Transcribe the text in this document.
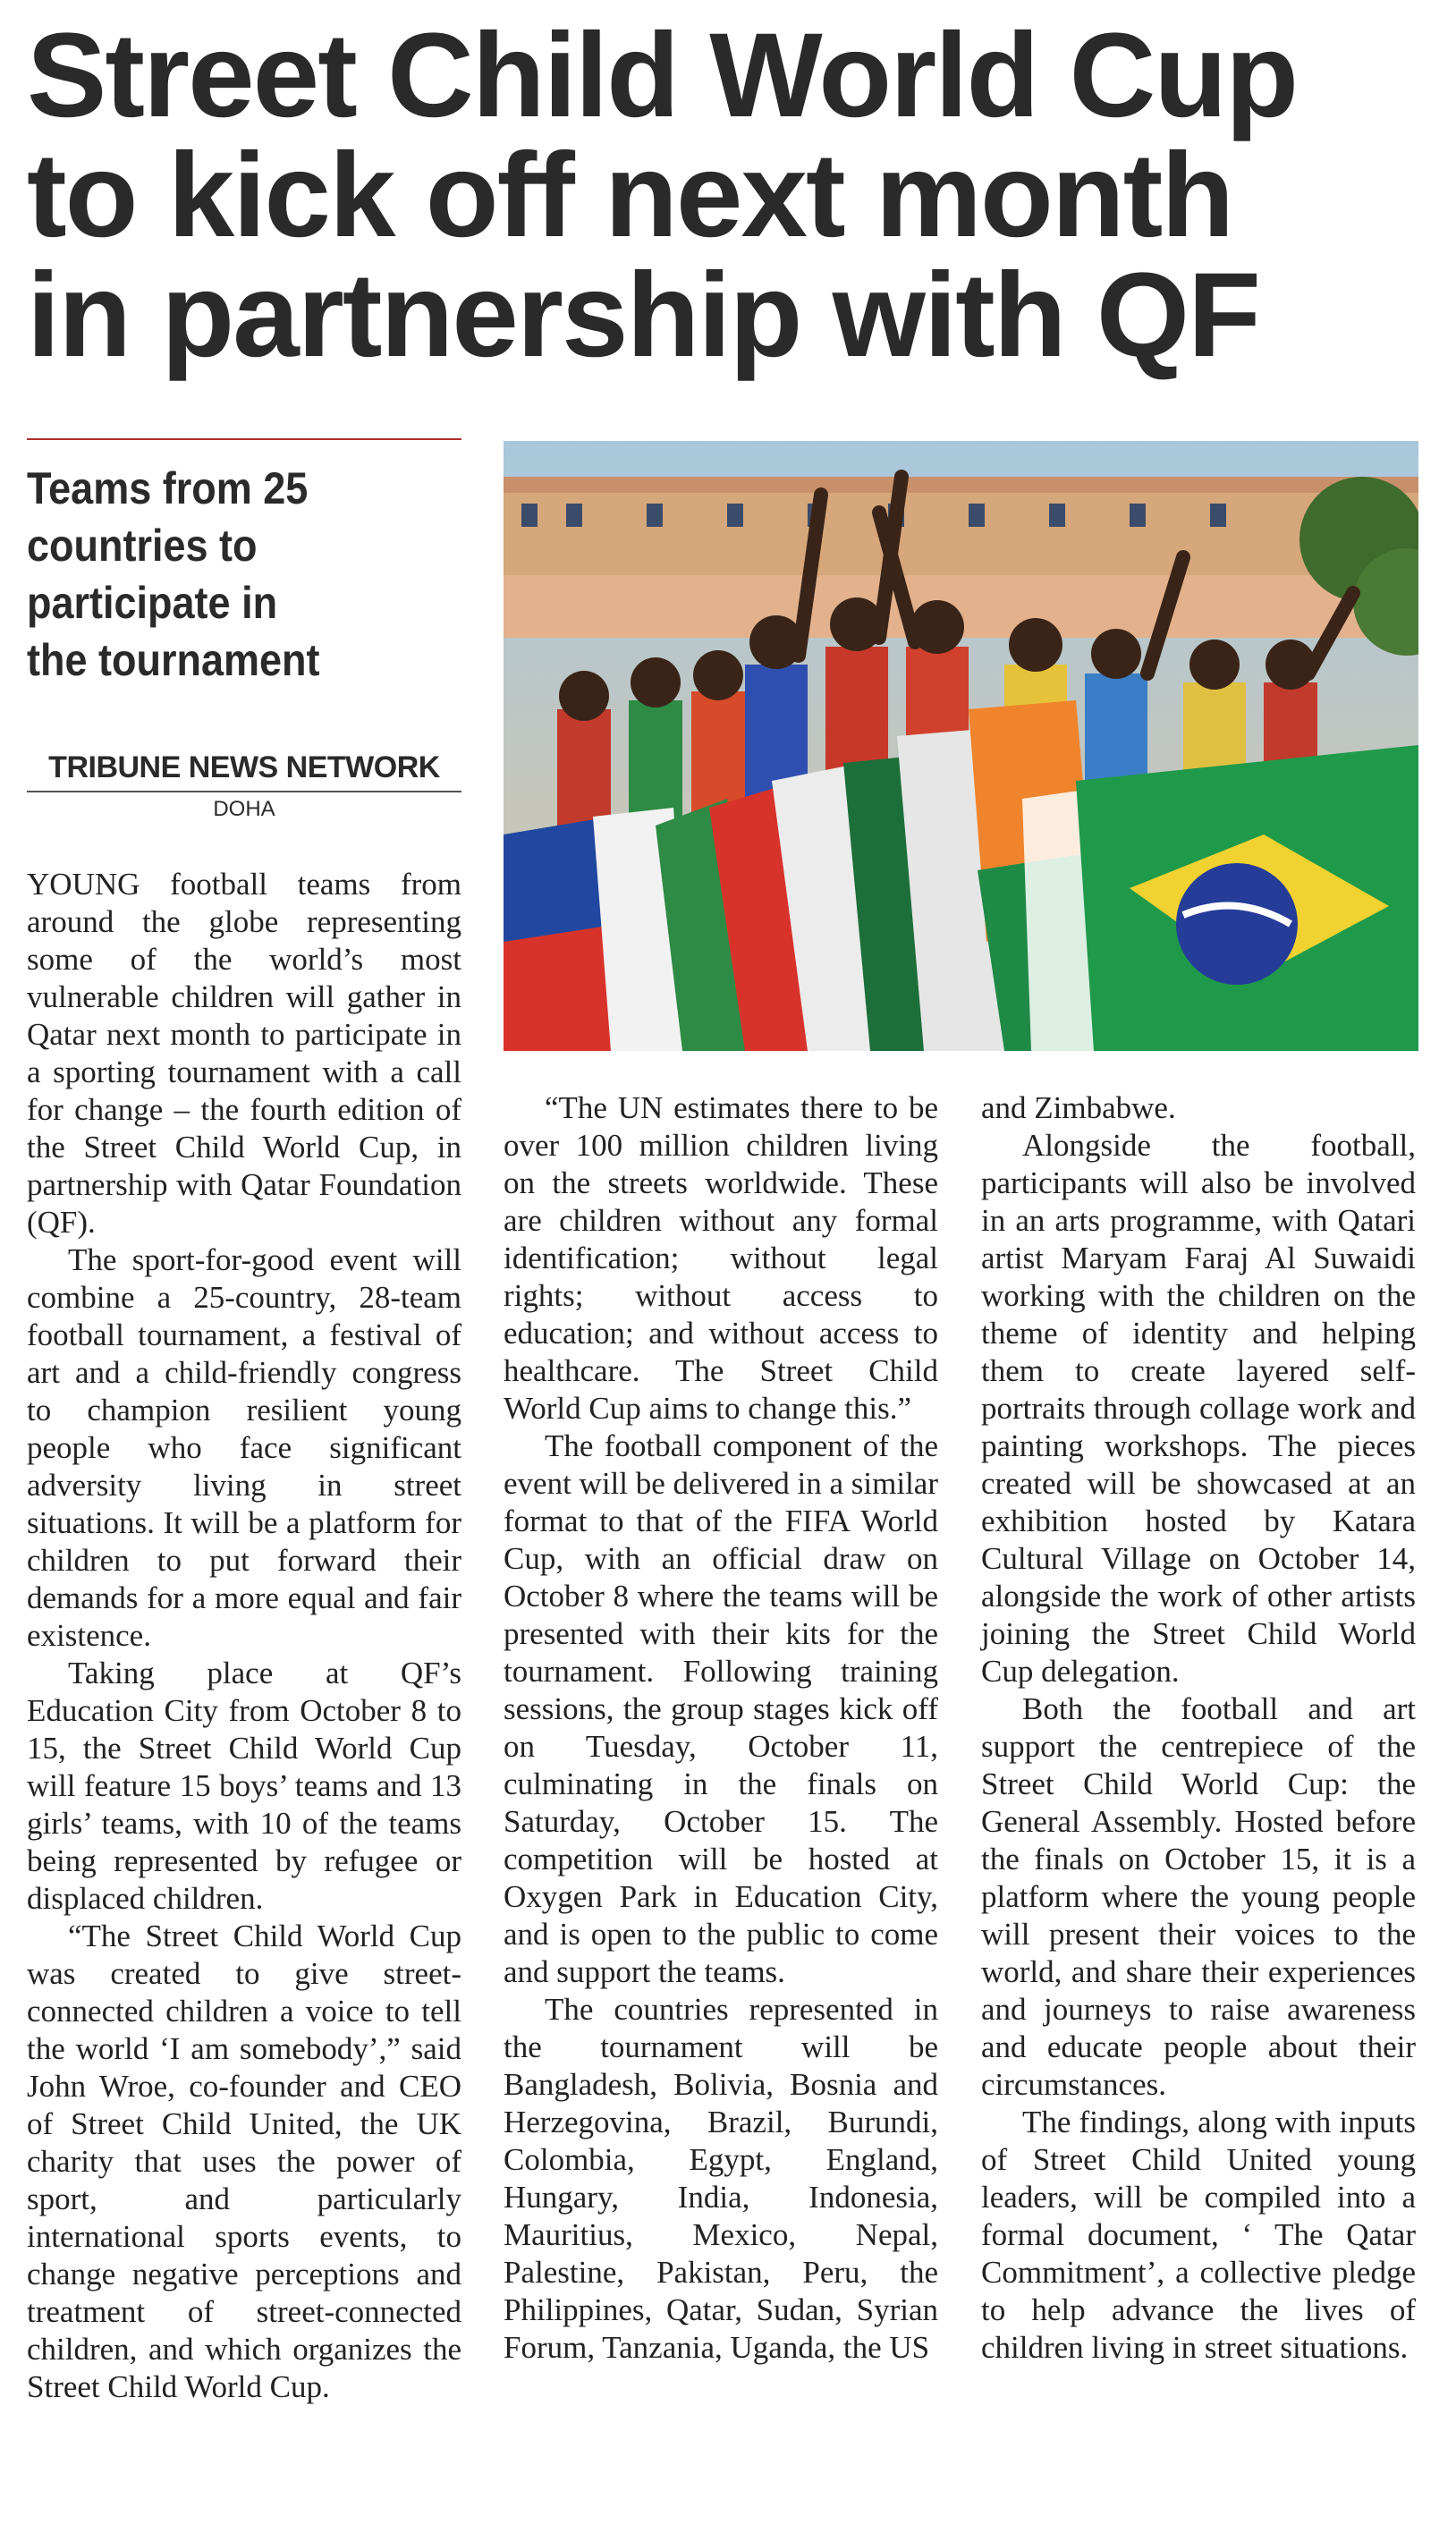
Street Child World Cup
to kick off next month
in partnership with QF
Teams from 25
countries to
participate in
the tournament
TRIBUNE NEWS NETWORK
DOHA

YOUNG football teams from around the globe representing some of the world’s most vulnerable children will gather in Qatar next month to participate in a sporting tournament with a call for change – the fourth edition of the Street Child World Cup, in partnership with Qatar Foundation (QF).

The sport-for-good event will combine a 25-country, 28-team football tournament, a festival of art and a child-friendly congress to champion resilient young people who face significant adversity living in street situations. It will be a platform for children to put forward their demands for a more equal and fair existence.

Taking place at QF’s Education City from October 8 to 15, the Street Child World Cup will feature 15 boys’ teams and 13 girls’ teams, with 10 of the teams being represented by refugee or displaced children.

“The Street Child World Cup was created to give street-connected children a voice to tell the world ‘I am somebody’,” said John Wroe, co-founder and CEO of Street Child United, the UK charity that uses the power of sport, and particularly international sports events, to change negative perceptions and treatment of street-connected children, and which organizes the Street Child World Cup.

“The UN estimates there to be over 100 million children living on the streets worldwide. These are children without any formal identification; without legal rights; without access to education; and without access to healthcare. The Street Child World Cup aims to change this.”

The football component of the event will be delivered in a similar format to that of the FIFA World Cup, with an official draw on October 8 where the teams will be presented with their kits for the tournament. Following training sessions, the group stages kick off on Tuesday, October 11, culminating in the finals on Saturday, October 15. The competition will be hosted at Oxygen Park in Education City, and is open to the public to come and support the teams.

The countries represented in the tournament will be Bangladesh, Bolivia, Bosnia and Herzegovina, Brazil, Burundi, Colombia, Egypt, England, Hungary, India, Indonesia, Mauritius, Mexico, Nepal, Palestine, Pakistan, Peru, the Philippines, Qatar, Sudan, Syrian Forum, Tanzania, Uganda, the US

and Zimbabwe.

Alongside the football, participants will also be involved in an arts programme, with Qatari artist Maryam Faraj Al Suwaidi working with the children on the theme of identity and helping them to create layered self-portraits through collage work and painting workshops. The pieces created will be showcased at an exhibition hosted by Katara Cultural Village on October 14, alongside the work of other artists joining the Street Child World Cup delegation.

Both the football and art support the centrepiece of the Street Child World Cup: the General Assembly. Hosted before the finals on October 15, it is a platform where the young people will present their voices to the world, and share their experiences and journeys to raise awareness and educate people about their circumstances.

The findings, along with inputs of Street Child United young leaders, will be compiled into a formal document, ‘ The Qatar Commitment’, a collective pledge to help advance the lives of children living in street situations.
